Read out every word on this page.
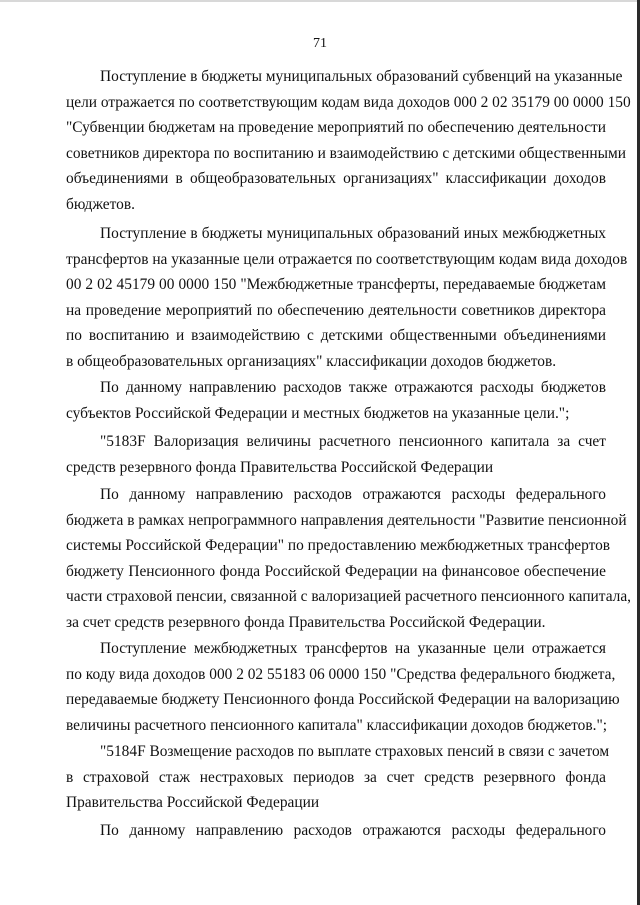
71

Поступление в бюджеты муниципальных образований субвенций на указанные
цели отражается по соответствующим кодам вида доходов 000 2 02 35179 00 0000 150
"Субвенции бюджетам на проведение мероприятий по обеспечению деятельности
советников директора по воспитанию и взаимодействию с детскими общественными
объединениями в общеобразовательных организациях" классификации доходов
бюджетов.

Поступление в бюджеты муниципальных образований иных межбюджетных
трансфертов на указанные цели отражается по соответствующим кодам вида доходов
00 2 02 45179 00 0000 150 "Межбюджетные трансферты, передаваемые бюджетам
на проведение мероприятий по обеспечению деятельности советников директора
по воспитанию и взаимодействию с детскими общественными объединениями
в общеобразовательных организациях" классификации доходов бюджетов.

По данному направлению расходов также отражаются расходы бюджетов
субъектов Российской Федерации и местных бюджетов на указанные цели.";

"5183F Валоризация величины расчетного пенсионного капитала за счет
средств резервного фонда Правительства Российской Федерации

По данному направлению расходов отражаются расходы федерального
бюджета в рамках непрограммного направления деятельности "Развитие пенсионной
системы Российской Федерации" по предоставлению межбюджетных трансфертов
бюджету Пенсионного фонда Российской Федерации на финансовое обеспечение
части страховой пенсии, связанной с валоризацией расчетного пенсионного капитала,
за счет средств резервного фонда Правительства Российской Федерации.

Поступление межбюджетных трансфертов на указанные цели отражается
по коду вида доходов 000 2 02 55183 06 0000 150 "Средства федерального бюджета,
передаваемые бюджету Пенсионного фонда Российской Федерации на валоризацию
величины расчетного пенсионного капитала" классификации доходов бюджетов.";

"5184F Возмещение расходов по выплате страховых пенсий в связи с зачетом
в страховой стаж нестраховых периодов за счет средств резервного фонда
Правительства Российской Федерации

По данному направлению расходов отражаются расходы федерального
